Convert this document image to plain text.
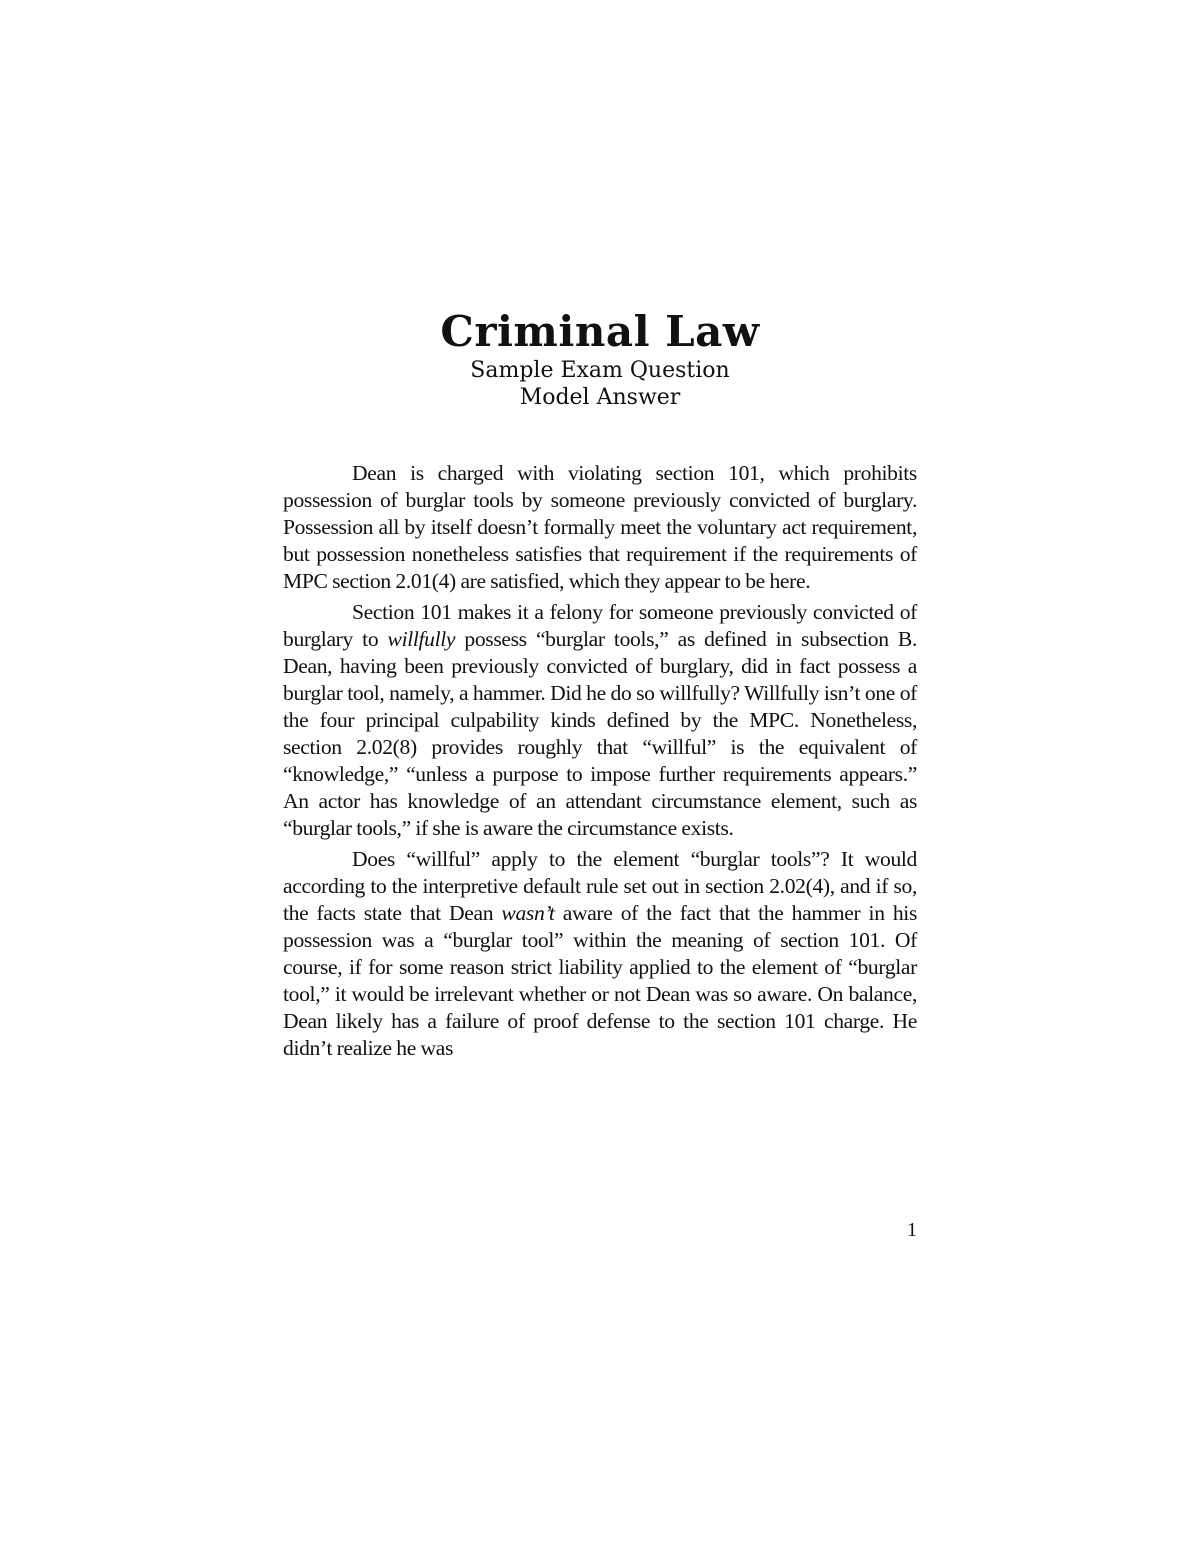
Criminal Law
Sample Exam Question
Model Answer

Dean is charged with violating section 101, which prohibits possession of burglar tools by someone previously convicted of burglary. Possession all by itself doesn’t formally meet the voluntary act requirement, but possession nonetheless satisfies that requirement if the requirements of MPC section 2.01(4) are satisfied, which they appear to be here.

Section 101 makes it a felony for someone previously convicted of burglary to willfully possess “burglar tools,” as defined in subsection B. Dean, having been previously convicted of burglary, did in fact possess a burglar tool, namely, a hammer. Did he do so willfully? Willfully isn’t one of the four principal culpability kinds defined by the MPC. Nonetheless, section 2.02(8) provides roughly that “willful” is the equivalent of “knowledge,” “unless a purpose to impose further requirements appears.” An actor has knowledge of an attendant circumstance element, such as “burglar tools,” if she is aware the circumstance exists.

Does “willful” apply to the element “burglar tools”? It would according to the interpretive default rule set out in section 2.02(4), and if so, the facts state that Dean wasn’t aware of the fact that the hammer in his possession was a “burglar tool” within the meaning of section 101. Of course, if for some reason strict liability applied to the element of “burglar tool,” it would be irrelevant whether or not Dean was so aware. On balance, Dean likely has a failure of proof defense to the section 101 charge. He didn’t realize he was

1
